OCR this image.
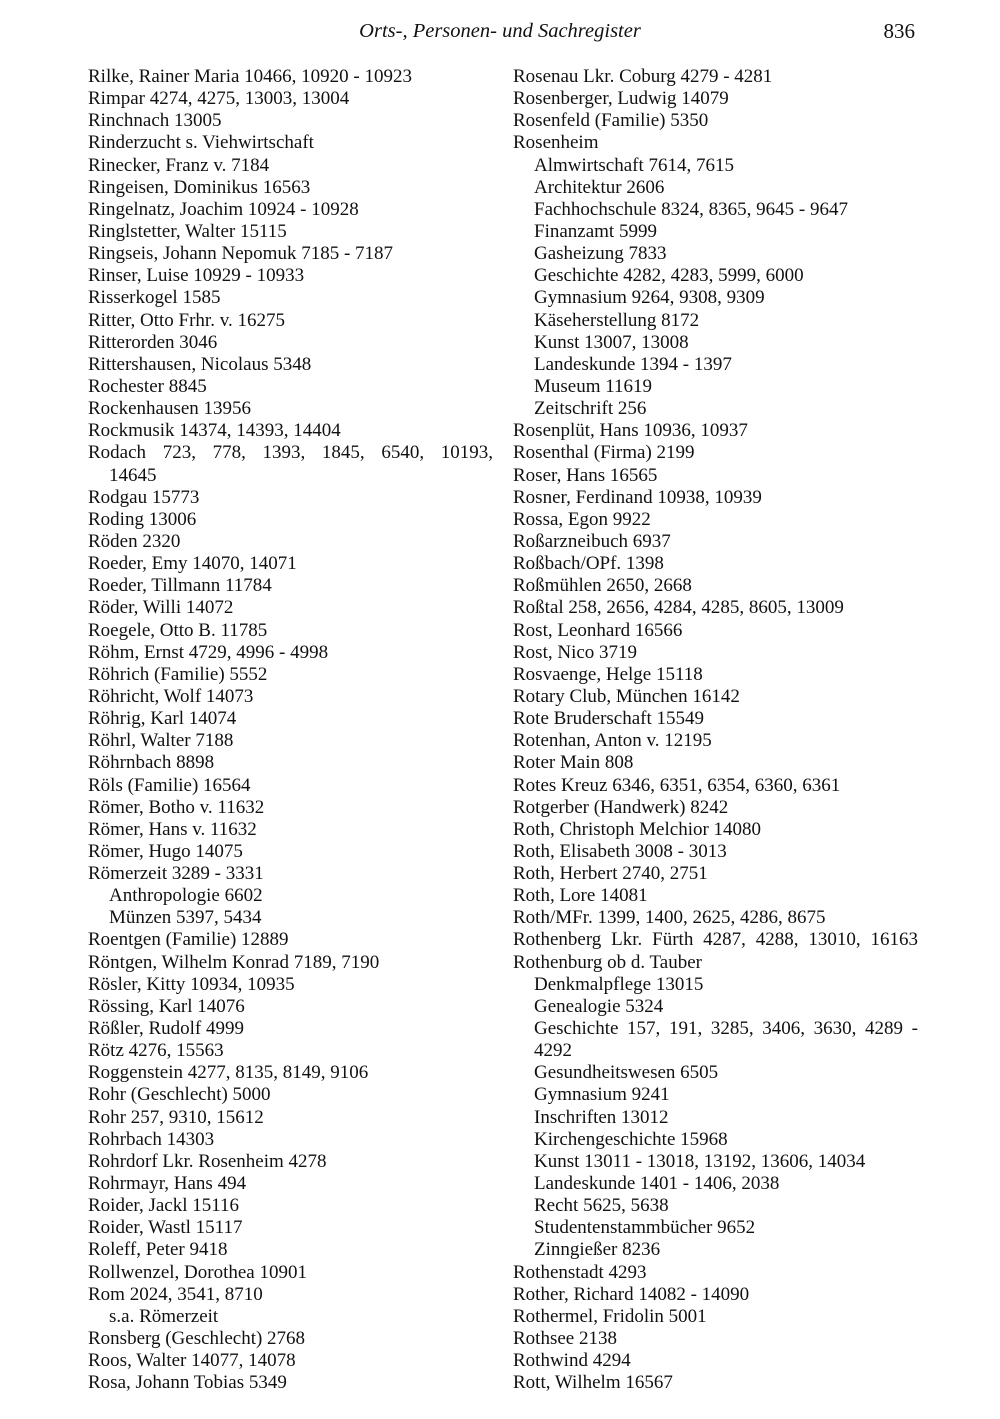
Orts-, Personen- und Sachregister	836
Rilke, Rainer Maria 10466, 10920 - 10923
Rimpar 4274, 4275, 13003, 13004
Rinchnach 13005
Rinderzucht s. Viehwirtschaft
Rinecker, Franz v. 7184
Ringeisen, Dominikus 16563
Ringelnatz, Joachim 10924 - 10928
Ringlstetter, Walter 15115
Ringseis, Johann Nepomuk 7185 - 7187
Rinser, Luise 10929 - 10933
Risserkogel 1585
Ritter, Otto Frhr. v. 16275
Ritterorden 3046
Rittershausen, Nicolaus 5348
Rochester 8845
Rockenhausen 13956
Rockmusik 14374, 14393, 14404
Rodach 723, 778, 1393, 1845, 6540, 10193,
14645
Rodgau 15773
Roding 13006
Röden 2320
Roeder, Emy 14070, 14071
Roeder, Tillmann 11784
Röder, Willi 14072
Roegele, Otto B. 11785
Röhm, Ernst 4729, 4996 - 4998
Röhrich (Familie) 5552
Röhricht, Wolf 14073
Röhrig, Karl 14074
Röhrl, Walter 7188
Röhrnbach 8898
Röls (Familie) 16564
Römer, Botho v. 11632
Römer, Hans v. 11632
Römer, Hugo 14075
Römerzeit 3289 - 3331
Anthropologie 6602
Münzen 5397, 5434
Roentgen (Familie) 12889
Röntgen, Wilhelm Konrad 7189, 7190
Rösler, Kitty 10934, 10935
Rössing, Karl 14076
Rößler, Rudolf 4999
Rötz 4276, 15563
Roggenstein 4277, 8135, 8149, 9106
Rohr (Geschlecht) 5000
Rohr 257, 9310, 15612
Rohrbach 14303
Rohrdorf Lkr. Rosenheim 4278
Rohrmayr, Hans 494
Roider, Jackl 15116
Roider, Wastl 15117
Roleff, Peter 9418
Rollwenzel, Dorothea 10901
Rom 2024, 3541, 8710
s.a. Römerzeit
Ronsberg (Geschlecht) 2768
Roos, Walter 14077, 14078
Rosa, Johann Tobias 5349
Rosenau Lkr. Coburg 4279 - 4281
Rosenberger, Ludwig 14079
Rosenfeld (Familie) 5350
Rosenheim
Almwirtschaft 7614, 7615
Architektur 2606
Fachhochschule 8324, 8365, 9645 - 9647
Finanzamt 5999
Gasheizung 7833
Geschichte 4282, 4283, 5999, 6000
Gymnasium 9264, 9308, 9309
Käseherstellung 8172
Kunst 13007, 13008
Landeskunde 1394 - 1397
Museum 11619
Zeitschrift 256
Rosenplüt, Hans 10936, 10937
Rosenthal (Firma) 2199
Roser, Hans 16565
Rosner, Ferdinand 10938, 10939
Rossa, Egon 9922
Roßarzneibuch 6937
Roßbach/OPf. 1398
Roßmühlen 2650, 2668
Roßtal 258, 2656, 4284, 4285, 8605, 13009
Rost, Leonhard 16566
Rost, Nico 3719
Rosvaenge, Helge 15118
Rotary Club, München 16142
Rote Bruderschaft 15549
Rotenhan, Anton v. 12195
Roter Main 808
Rotes Kreuz 6346, 6351, 6354, 6360, 6361
Rotgerber (Handwerk) 8242
Roth, Christoph Melchior 14080
Roth, Elisabeth 3008 - 3013
Roth, Herbert 2740, 2751
Roth, Lore 14081
Roth/MFr. 1399, 1400, 2625, 4286, 8675
Rothenberg Lkr. Fürth 4287, 4288, 13010, 16163
Rothenburg ob d. Tauber
Denkmalpflege 13015
Genealogie 5324
Geschichte 157, 191, 3285, 3406, 3630, 4289 -
4292
Gesundheitswesen 6505
Gymnasium 9241
Inschriften 13012
Kirchengeschichte 15968
Kunst 13011 - 13018, 13192, 13606, 14034
Landeskunde 1401 - 1406, 2038
Recht 5625, 5638
Studentenstammbücher 9652
Zinngießer 8236
Rothenstadt 4293
Rother, Richard 14082 - 14090
Rothermel, Fridolin 5001
Rothsee 2138
Rothwind 4294
Rott, Wilhelm 16567
